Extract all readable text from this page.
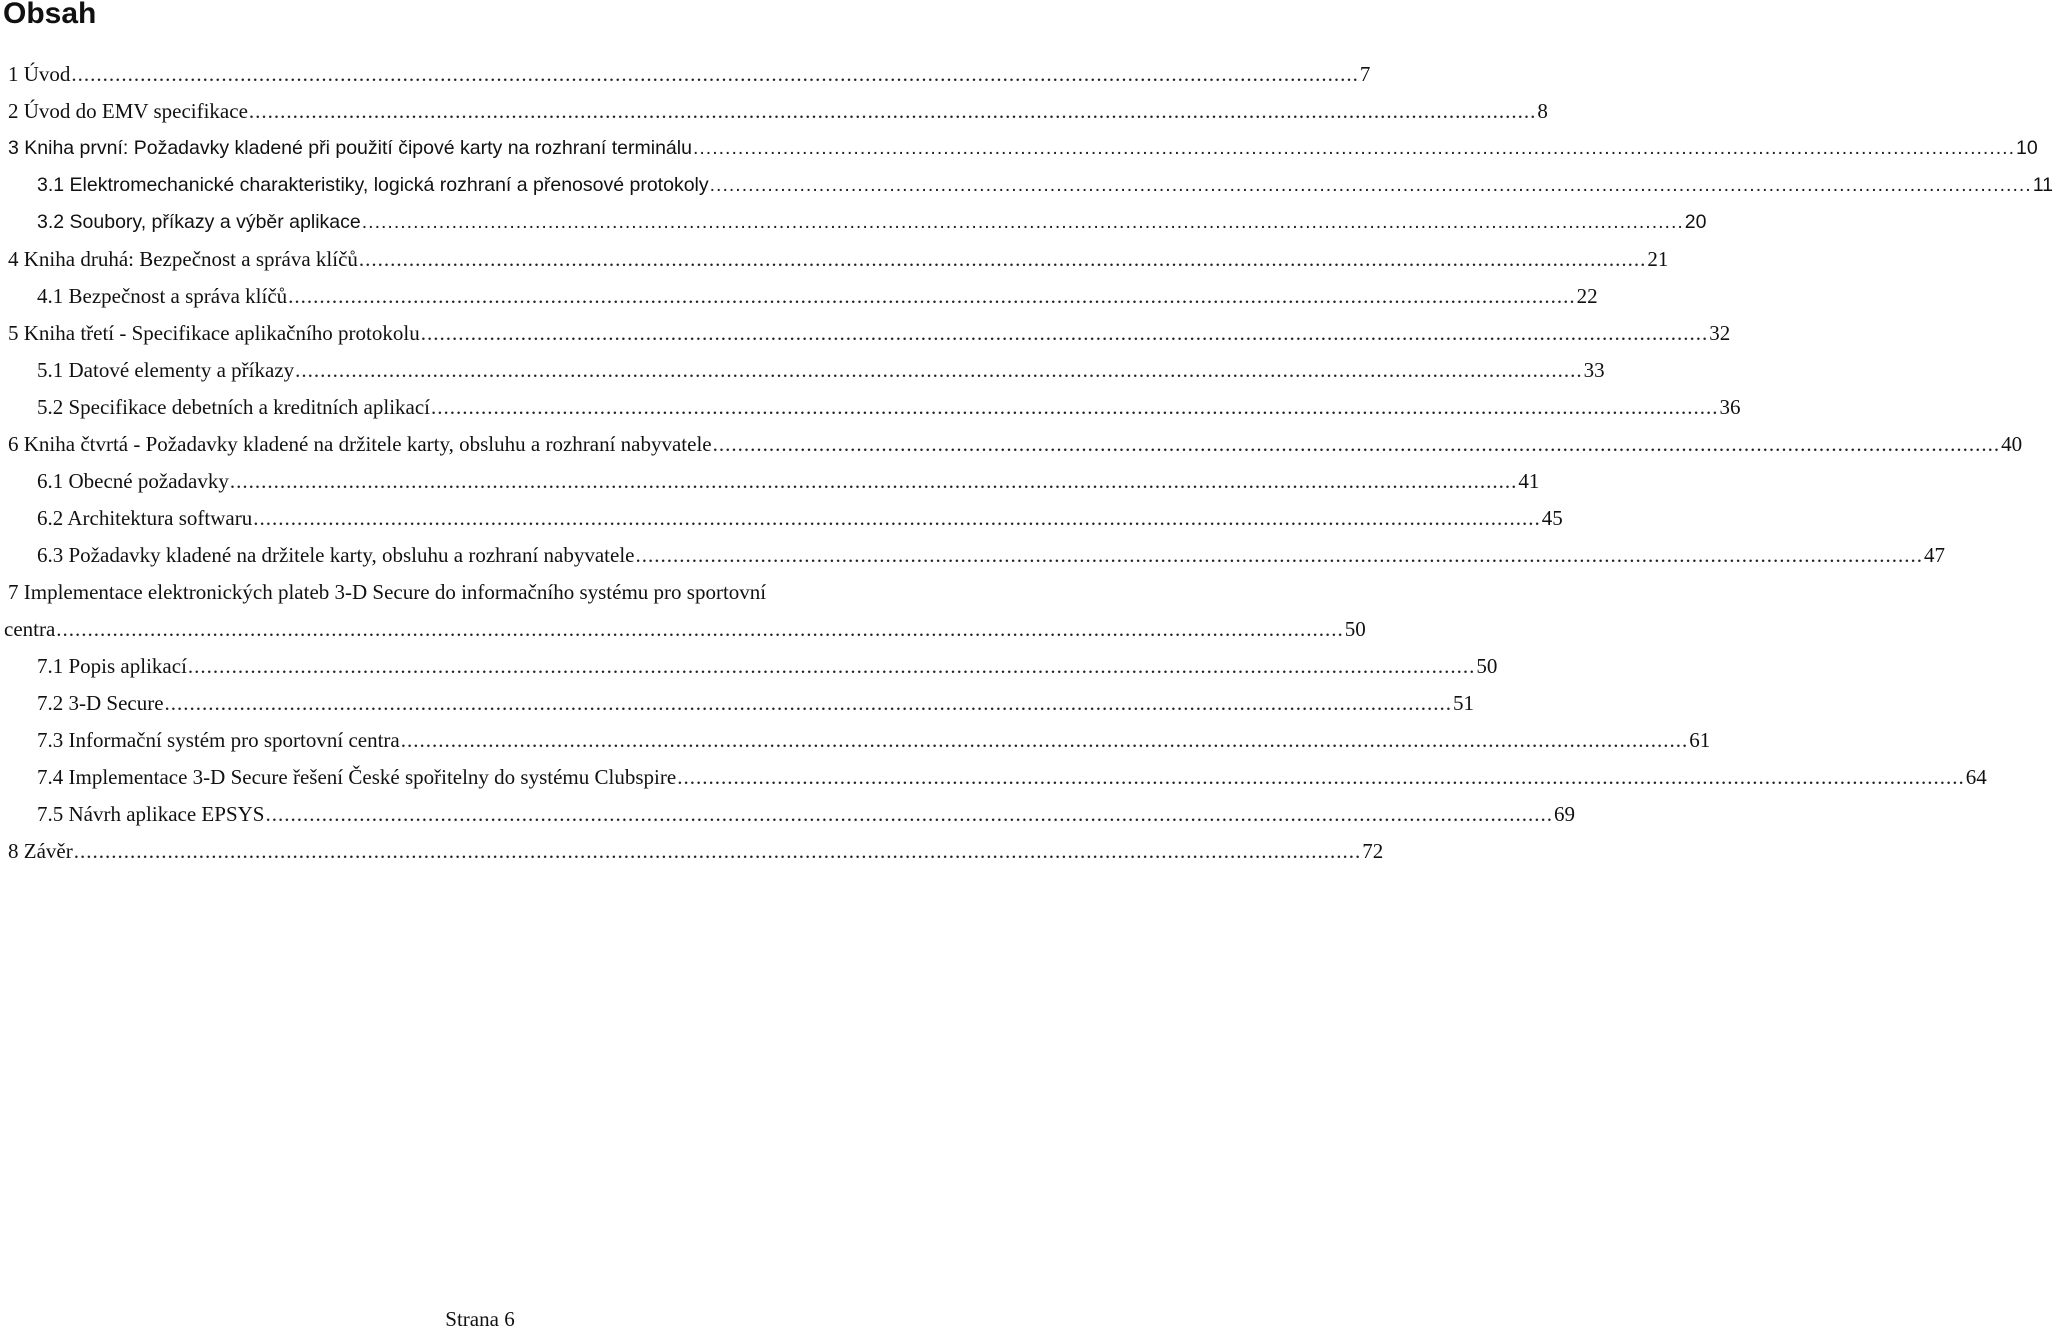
Obsah
1 Úvod .............................................................................................................................................................................................................. 7
2 Úvod do EMV specifikace .............................................................................................................................................................................................................. 8
3 Kniha první: Požadavky kladené při použití čipové karty na rozhraní terminálu .............................................................................................................................................................................................................. 10
3.1 Elektromechanické charakteristiky, logická rozhraní a přenosové protokoly .............................................................................................................................................................................................................. 11
3.2 Soubory, příkazy a výběr aplikace .............................................................................................................................................................................................................. 20
4 Kniha druhá: Bezpečnost a správa klíčů .............................................................................................................................................................................................................. 21
4.1 Bezpečnost a správa klíčů .............................................................................................................................................................................................................. 22
5 Kniha třetí - Specifikace aplikačního protokolu .............................................................................................................................................................................................................. 32
5.1 Datové elementy a příkazy .............................................................................................................................................................................................................. 33
5.2 Specifikace debetních a kreditních aplikací .............................................................................................................................................................................................................. 36
6 Kniha čtvrtá - Požadavky kladené na držitele karty, obsluhu a rozhraní nabyvatele .............................................................................................................................................................................................................. 40
6.1 Obecné požadavky .............................................................................................................................................................................................................. 41
6.2 Architektura softwaru .............................................................................................................................................................................................................. 45
6.3 Požadavky kladené na držitele karty, obsluhu a rozhraní nabyvatele .............................................................................................................................................................................................................. 47
7 Implementace elektronických plateb 3-D Secure do informačního systému pro sportovní
centra .............................................................................................................................................................................................................. 50
7.1 Popis aplikací .............................................................................................................................................................................................................. 50
7.2 3-D Secure .............................................................................................................................................................................................................. 51
7.3 Informační systém pro sportovní centra .............................................................................................................................................................................................................. 61
7.4 Implementace 3-D Secure řešení České spořitelny do systému Clubspire .............................................................................................................................................................................................................. 64
7.5 Návrh aplikace EPSYS .............................................................................................................................................................................................................. 69
8 Závěr .............................................................................................................................................................................................................. 72
Strana 6
